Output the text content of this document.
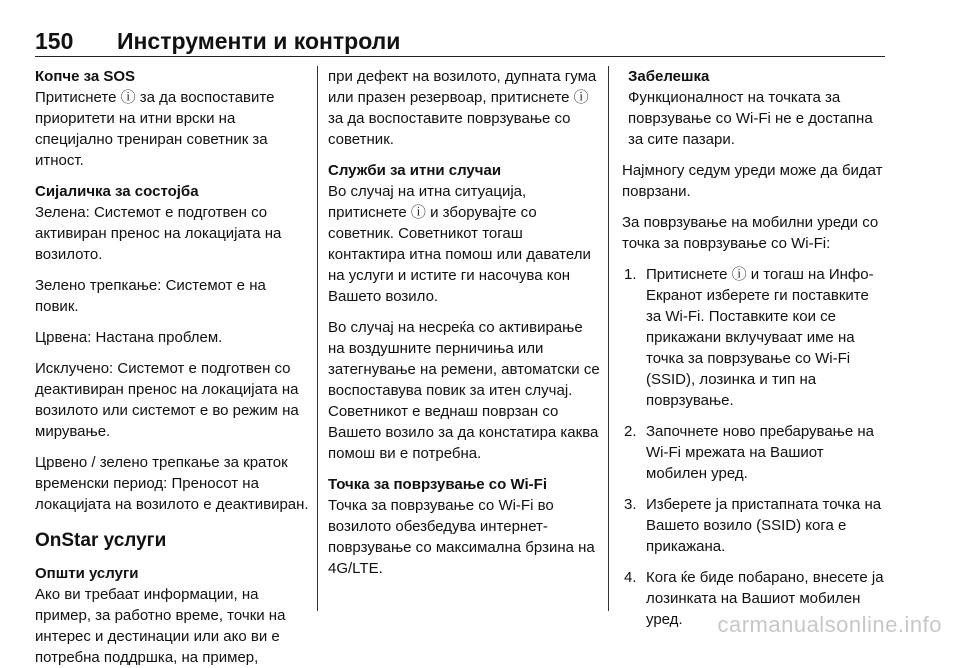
150 Инструменти и контроли

Копче за SOS

Притиснете ⓘ за да воспоставите приоритети на итни врски на специјално трениран советник за итност.

Сијаличка за состојба

Зелена: Системот е подготвен со активиран пренос на локацијата на возилото.

Зелено трепкање: Системот е на повик.

Црвена: Настана проблем.

Исклучено: Системот е подготвен со деактивиран пренос на локацијата на возилото или системот е во режим на мирување.

Црвено / зелено трепкање за краток временски период: Преносот на локацијата на возилото е деактивиран.

OnStar услуги

Општи услуги

Ако ви требаат информации, на пример, за работно време, точки на интерес и дестинации или ако ви е потребна поддршка, на пример,

при дефект на возилото, дупната гума или празен резервоар, притиснете ⓘ за да воспоставите поврзување со советник.

Служби за итни случаи

Во случај на итна ситуација, притиснете ⓘ и зборувајте со советник. Советникот тогаш контактира итна помош или даватели на услуги и истите ги насочува кон Вашето возило.

Во случај на несреќа со активирање на воздушните перничиња или затегнување на ремени, автоматски се воспоставува повик за итен случај. Советникот е веднаш поврзан со Вашето возило за да констатира каква помош ви е потребна.

Точка за поврзување со Wi-Fi

Точка за поврзување со Wi-Fi во возилото обезбедува интернет-поврзување со максимална брзина на 4G/LTE.

Забелешка

Функционалност на точката за поврзување со Wi-Fi не е достапна за сите пазари.

Најмногу седум уреди може да бидат поврзани.

За поврзување на мобилни уреди со точка за поврзување со Wi-Fi:

1. Притиснете ⓘ и тогаш на Инфо-Екранот изберете ги поставките за Wi-Fi. Поставките кои се прикажани вклучуваат име на точка за поврзување со Wi-Fi (SSID), лозинка и тип на поврзување.
2. Започнете ново пребарување на Wi-Fi мрежата на Вашиот мобилен уред.
3. Изберете ја пристапната точка на Вашето возило (SSID) кога е прикажана.
4. Кога ќе биде побарано, внесете ја лозинката на Вашиот мобилен уред.	carmanualsonline.info
